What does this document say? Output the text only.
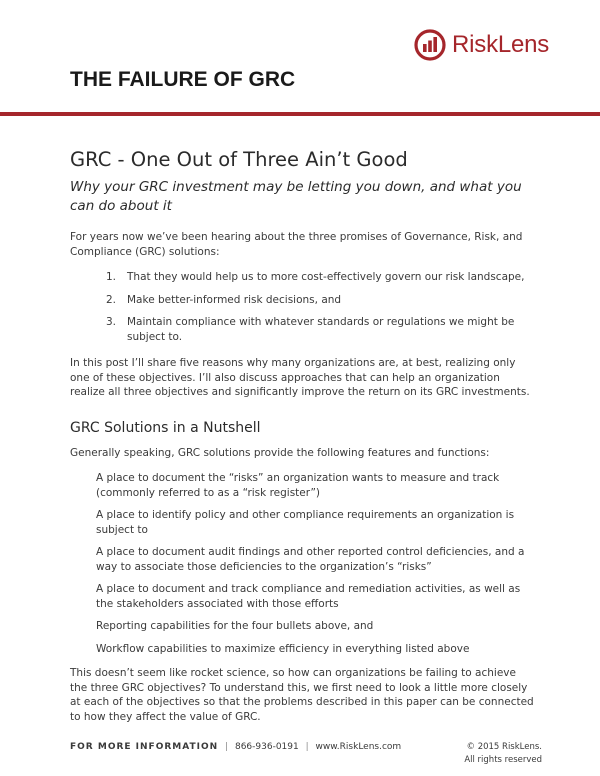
RiskLens
THE FAILURE OF GRC
GRC - One Out of Three Ain’t Good

Why your GRC investment may be letting you down, and what you can do about it

For years now we’ve been hearing about the three promises of Governance, Risk, and Compliance (GRC) solutions:

1. That they would help us to more cost-effectively govern our risk landscape,
2. Make better-informed risk decisions, and
3. Maintain compliance with whatever standards or regulations we might be subject to.

In this post I’ll share five reasons why many organizations are, at best, realizing only one of these objectives. I’ll also discuss approaches that can help an organization realize all three objectives and significantly improve the return on its GRC investments.

GRC Solutions in a Nutshell

Generally speaking, GRC solutions provide the following features and functions:

A place to document the “risks” an organization wants to measure and track (commonly referred to as a “risk register”)
A place to identify policy and other compliance requirements an organization is subject to
A place to document audit findings and other reported control deficiencies, and a way to associate those deficiencies to the organization’s “risks”
A place to document and track compliance and remediation activities, as well as the stakeholders associated with those efforts
Reporting capabilities for the four bullets above, and
Workflow capabilities to maximize efficiency in everything listed above

This doesn’t seem like rocket science, so how can organizations be failing to achieve the three GRC objectives? To understand this, we first need to look a little more closely at each of the objectives so that the problems described in this paper can be connected to how they affect the value of GRC.

FOR MORE INFORMATION | 866-936-0191 | www.RiskLens.com	© 2015 RiskLens.
All rights reserved
